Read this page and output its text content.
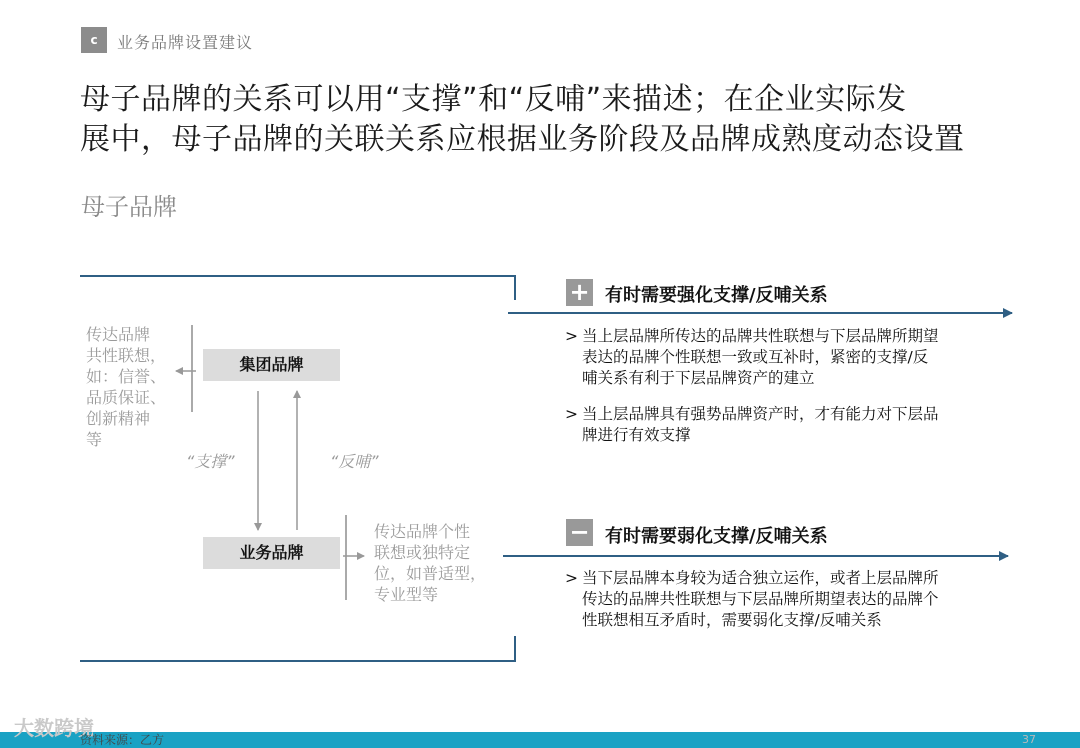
c	业务品牌设置建议
母子品牌的关系可以用“支撑”和“反哺”来描述；在企业实际发
展中，母子品牌的关联关系应根据业务阶段及品牌成熟度动态设置
母子品牌
集团品牌
业务品牌
“支撑”	“反哺”
传达品牌
共性联想，
如：信誉、
品质保证、
创新精神
等
传达品牌个性
联想或独特定
位，如普适型，
专业型等
+ 有时需要强化支撑/反哺关系
> 当上层品牌所传达的品牌共性联想与下层品牌所期望
表达的品牌个性联想一致或互补时，紧密的支撑/反
哺关系有利于下层品牌资产的建立
> 当上层品牌具有强势品牌资产时，才有能力对下层品
牌进行有效支撑
− 有时需要弱化支撑/反哺关系
> 当下层品牌本身较为适合独立运作，或者上层品牌所
传达的品牌共性联想与下层品牌所期望表达的品牌个
性联想相互矛盾时，需要弱化支撑/反哺关系
大数跨境
资料来源：乙方	37
